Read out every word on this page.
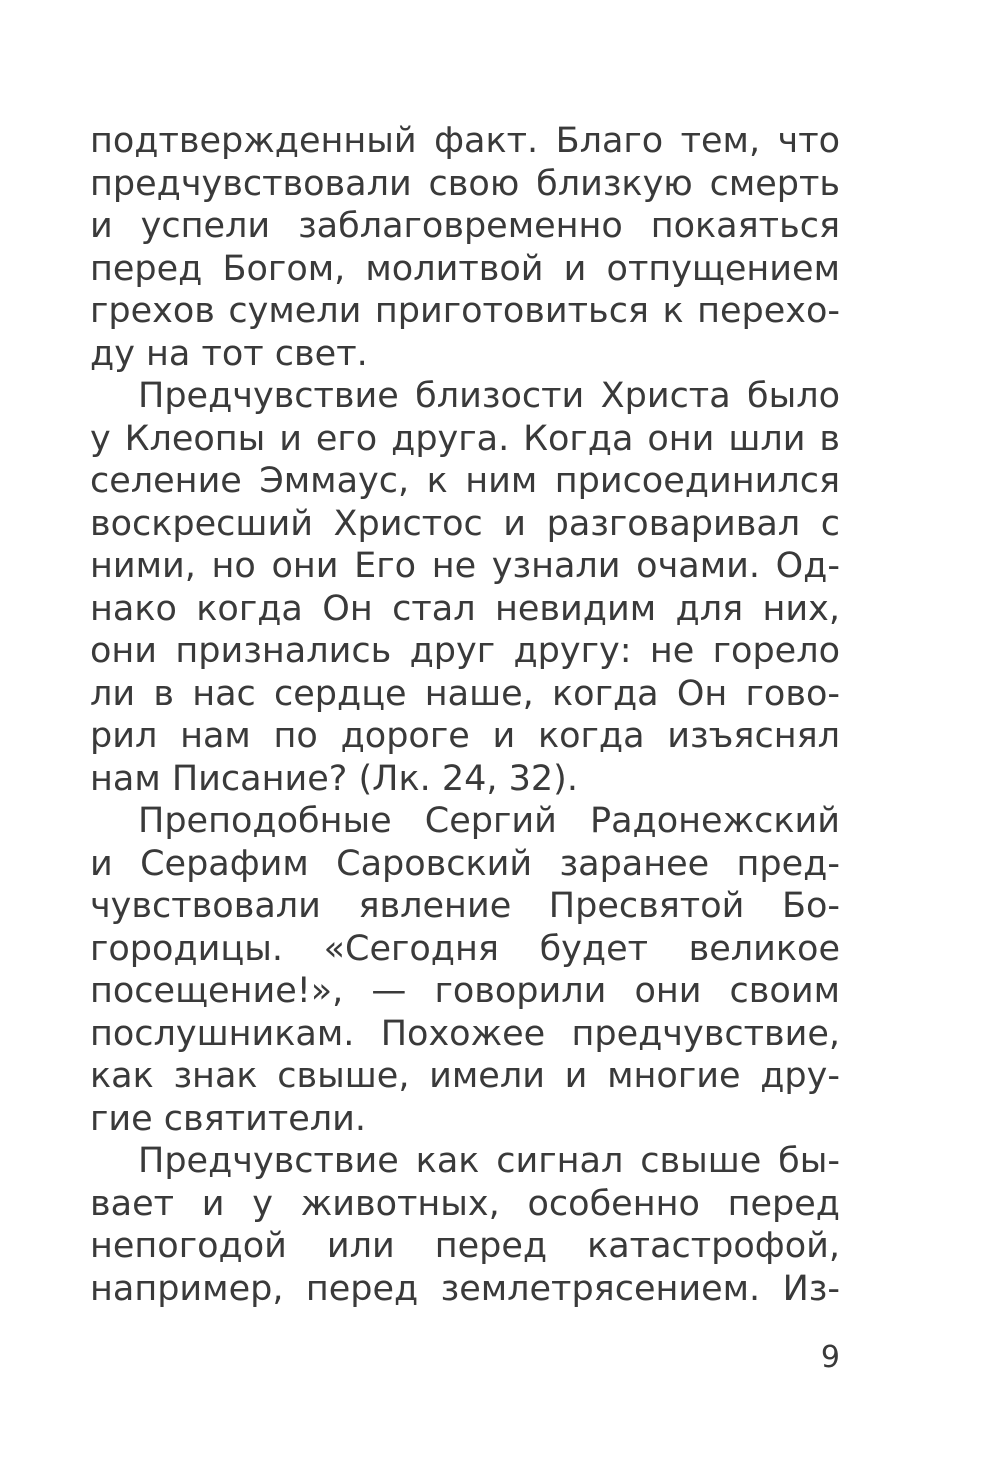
подтвержденный факт. Благо тем, что
предчувствовали свою близкую смерть
и успели заблаговременно покаяться
перед Богом, молитвой и отпущением
грехов сумели приготовиться к перехо-
ду на тот свет.
Предчувствие близости Христа было
у Клеопы и его друга. Когда они шли в
селение Эммаус, к ним присоединился
воскресший Христос и разговаривал с
ними, но они Его не узнали очами. Од-
нако когда Он стал невидим для них,
они признались друг другу: не горело
ли в нас сердце наше, когда Он гово-
рил нам по дороге и когда изъяснял
нам Писание? (Лк. 24, 32).
Преподобные Сергий Радонежский
и Серафим Саровский заранее пред-
чувствовали явление Пресвятой Бо-
городицы. «Сегодня будет великое
посещение!», — говорили они своим
послушникам. Похожее предчувствие,
как знак свыше, имели и многие дру-
гие святители.
Предчувствие как сигнал свыше бы-
вает и у животных, особенно перед
непогодой или перед катастрофой,
например, перед землетрясением. Из-
9
